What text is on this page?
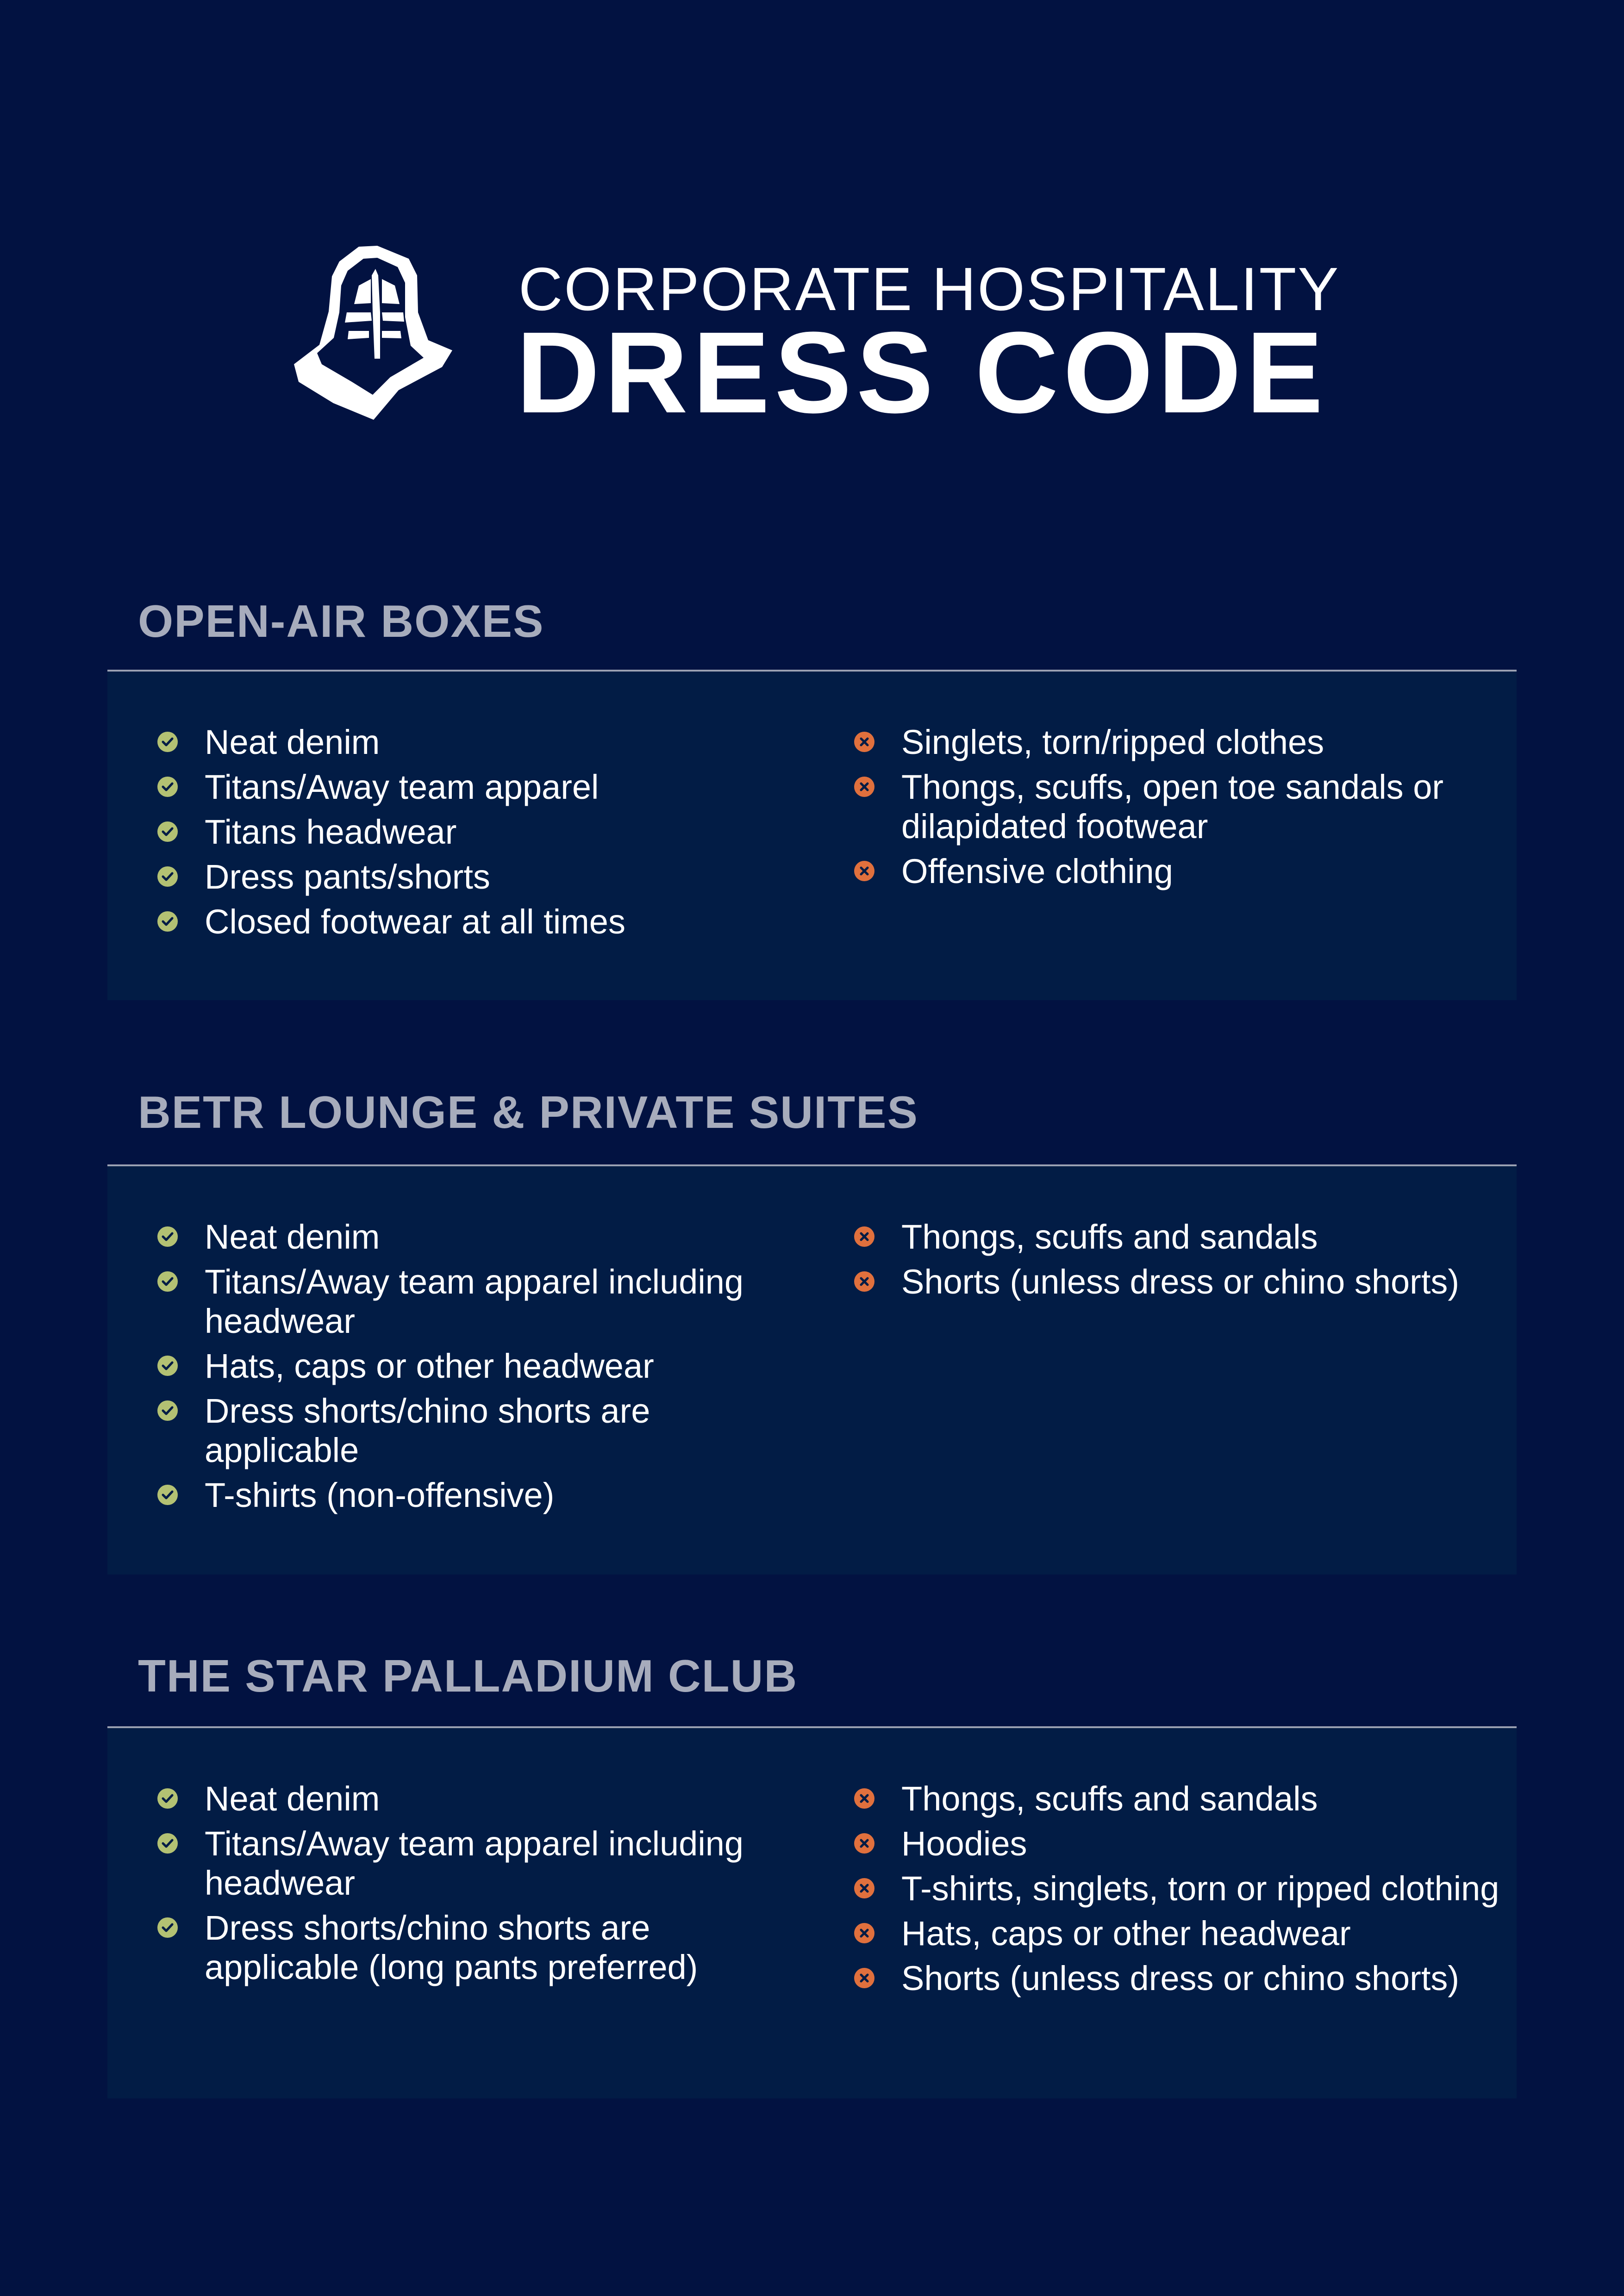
CORPORATE HOSPITALITY
DRESS CODE
OPEN-AIR BOXES
Neat denim
Titans/Away team apparel
Titans headwear
Dress pants/shorts
Closed footwear at all times
Singlets, torn/ripped clothes
Thongs, scuffs, open toe sandals or dilapidated footwear
Offensive clothing
BETR LOUNGE & PRIVATE SUITES
Neat denim
Titans/Away team apparel including headwear
Hats, caps or other headwear
Dress shorts/chino shorts are applicable
T-shirts (non-offensive)
Thongs, scuffs and sandals
Shorts (unless dress or chino shorts)
THE STAR PALLADIUM CLUB
Neat denim
Titans/Away team apparel including headwear
Dress shorts/chino shorts are applicable (long pants preferred)
Thongs, scuffs and sandals
Hoodies
T-shirts, singlets, torn or ripped clothing
Hats, caps or other headwear
Shorts (unless dress or chino shorts)
